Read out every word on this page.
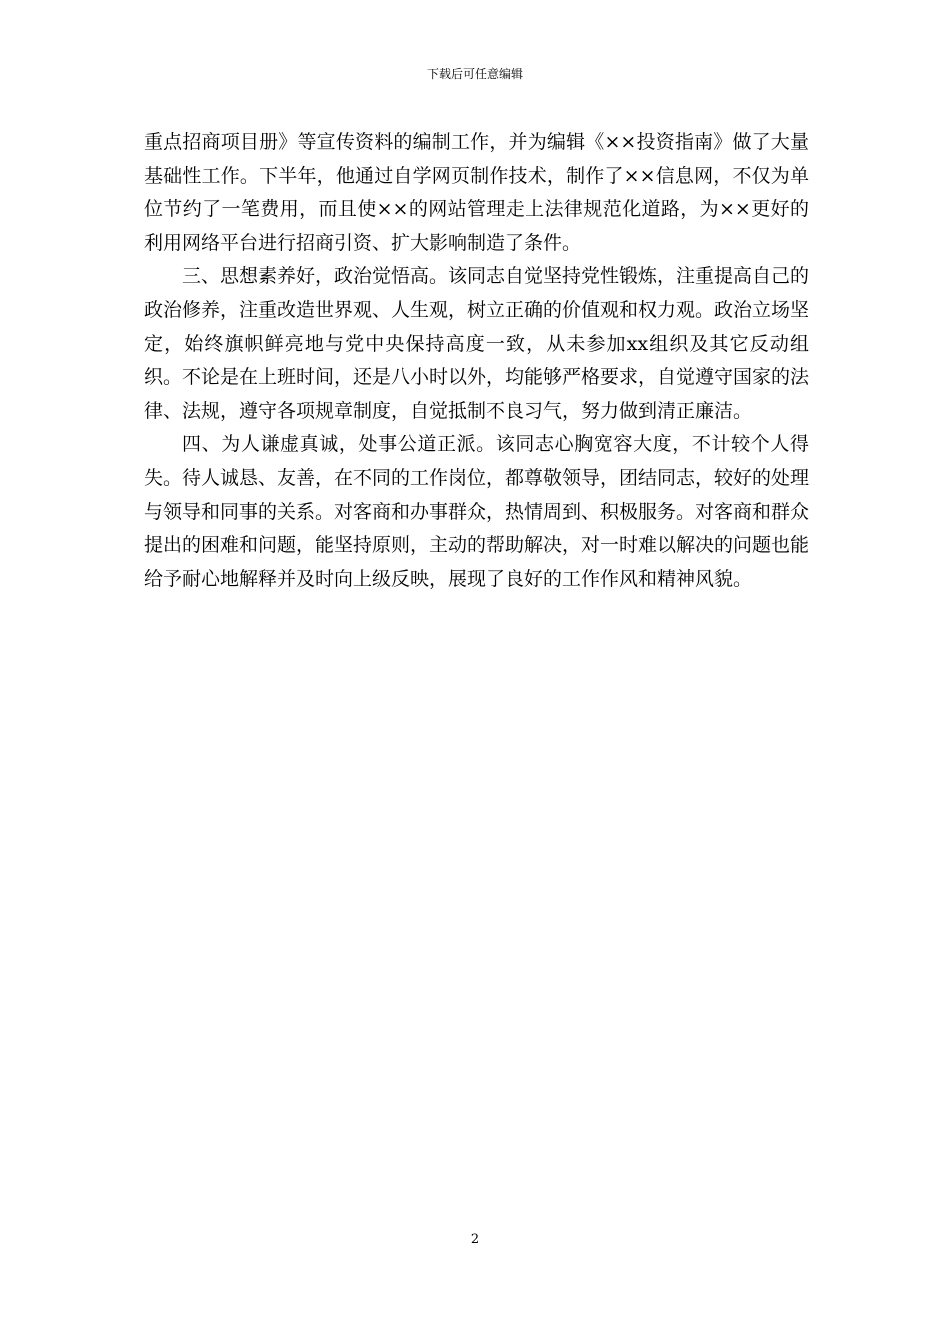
下载后可任意编辑

重点招商项目册》等宣传资料的编制工作，并为编辑《××投资指南》做了大量基础性工作。下半年，他通过自学网页制作技术，制作了××信息网，不仅为单位节约了一笔费用，而且使××的网站管理走上法律规范化道路，为××更好的利用网络平台进行招商引资、扩大影响制造了条件。

三、思想素养好，政治觉悟高。该同志自觉坚持党性锻炼，注重提高自己的政治修养，注重改造世界观、人生观，树立正确的价值观和权力观。政治立场坚定，始终旗帜鲜亮地与党中央保持高度一致，从未参加xx组织及其它反动组织。不论是在上班时间，还是八小时以外，均能够严格要求，自觉遵守国家的法律、法规，遵守各项规章制度，自觉抵制不良习气，努力做到清正廉洁。

四、为人谦虚真诚，处事公道正派。该同志心胸宽容大度，不计较个人得失。待人诚恳、友善，在不同的工作岗位，都尊敬领导，团结同志，较好的处理与领导和同事的关系。对客商和办事群众，热情周到、积极服务。对客商和群众提出的困难和问题，能坚持原则，主动的帮助解决，对一时难以解决的问题也能给予耐心地解释并及时向上级反映，展现了良好的工作作风和精神风貌。

2
